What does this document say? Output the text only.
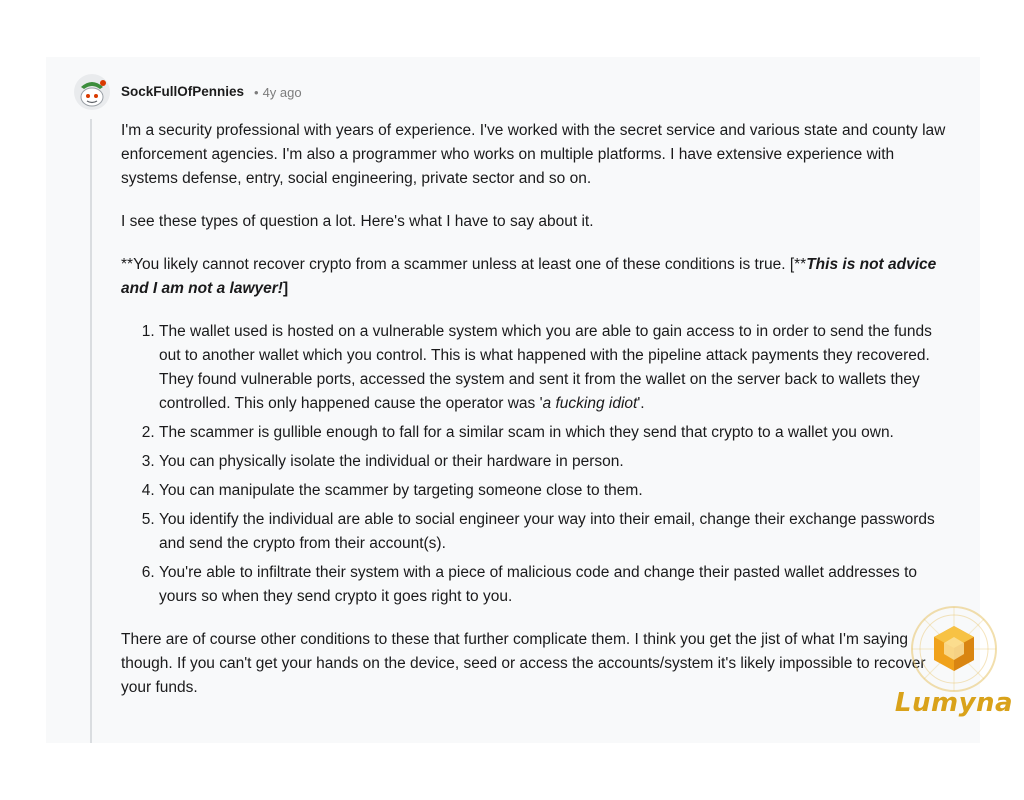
SockFullOfPennies • 4y ago

I'm a security professional with years of experience. I've worked with the secret service and various state and county law enforcement agencies. I'm also a programmer who works on multiple platforms. I have extensive experience with systems defense, entry, social engineering, private sector and so on.

I see these types of question a lot. Here's what I have to say about it.

**You likely cannot recover crypto from a scammer unless at least one of these conditions is true. [**This is not advice and I am not a lawyer!]

1. The wallet used is hosted on a vulnerable system which you are able to gain access to in order to send the funds out to another wallet which you control. This is what happened with the pipeline attack payments they recovered. They found vulnerable ports, accessed the system and sent it from the wallet on the server back to wallets they controlled. This only happened cause the operator was 'a fucking idiot'.
2. The scammer is gullible enough to fall for a similar scam in which they send that crypto to a wallet you own.
3. You can physically isolate the individual or their hardware in person.
4. You can manipulate the scammer by targeting someone close to them.
5. You identify the individual are able to social engineer your way into their email, change their exchange passwords and send the crypto from their account(s).
6. You're able to infiltrate their system with a piece of malicious code and change their pasted wallet addresses to yours so when they send crypto it goes right to you.

There are of course other conditions to these that further complicate them. I think you get the jist of what I'm saying though. If you can't get your hands on the device, seed or access the accounts/system it's likely impossible to recover your funds.

Lumyna
